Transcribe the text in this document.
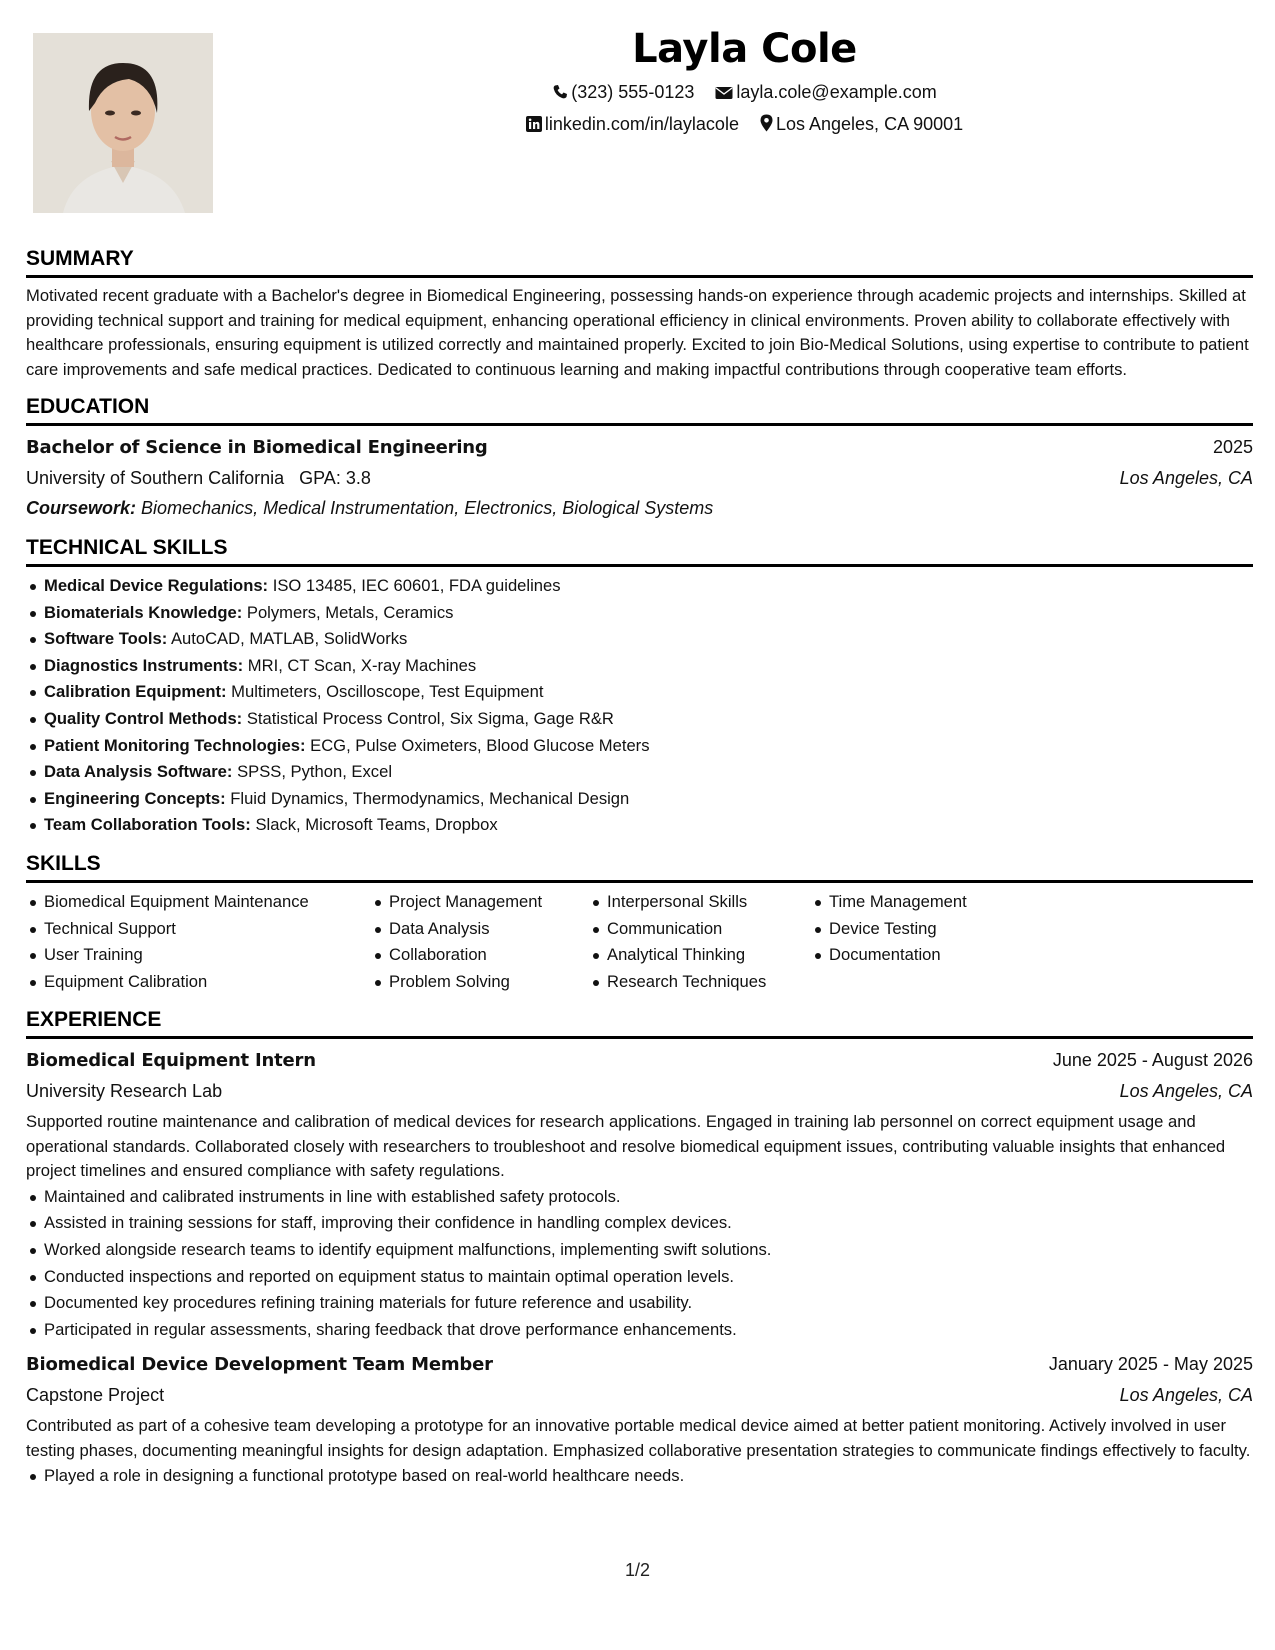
Layla Cole
(323) 555-0123 layla.cole@example.com
linkedin.com/in/laylacole Los Angeles, CA 90001
SUMMARY
Motivated recent graduate with a Bachelor's degree in Biomedical Engineering, possessing hands-on experience through academic projects and internships. Skilled at providing technical support and training for medical equipment, enhancing operational efficiency in clinical environments. Proven ability to collaborate effectively with healthcare professionals, ensuring equipment is utilized correctly and maintained properly. Excited to join Bio-Medical Solutions, using expertise to contribute to patient care improvements and safe medical practices. Dedicated to continuous learning and making impactful contributions through cooperative team efforts.
EDUCATION
Bachelor of Science in Biomedical Engineering	2025
University of Southern California GPA: 3.8	Los Angeles, CA
Coursework: Biomechanics, Medical Instrumentation, Electronics, Biological Systems
TECHNICAL SKILLS
Medical Device Regulations: ISO 13485, IEC 60601, FDA guidelines
Biomaterials Knowledge: Polymers, Metals, Ceramics
Software Tools: AutoCAD, MATLAB, SolidWorks
Diagnostics Instruments: MRI, CT Scan, X-ray Machines
Calibration Equipment: Multimeters, Oscilloscope, Test Equipment
Quality Control Methods: Statistical Process Control, Six Sigma, Gage R&R
Patient Monitoring Technologies: ECG, Pulse Oximeters, Blood Glucose Meters
Data Analysis Software: SPSS, Python, Excel
Engineering Concepts: Fluid Dynamics, Thermodynamics, Mechanical Design
Team Collaboration Tools: Slack, Microsoft Teams, Dropbox
SKILLS
Biomedical Equipment Maintenance
Technical Support
User Training
Equipment Calibration
Project Management
Data Analysis
Collaboration
Problem Solving
Interpersonal Skills
Communication
Analytical Thinking
Research Techniques
Time Management
Device Testing
Documentation
EXPERIENCE
Biomedical Equipment Intern	June 2025 - August 2026
University Research Lab	Los Angeles, CA
Supported routine maintenance and calibration of medical devices for research applications. Engaged in training lab personnel on correct equipment usage and operational standards. Collaborated closely with researchers to troubleshoot and resolve biomedical equipment issues, contributing valuable insights that enhanced project timelines and ensured compliance with safety regulations.
Maintained and calibrated instruments in line with established safety protocols.
Assisted in training sessions for staff, improving their confidence in handling complex devices.
Worked alongside research teams to identify equipment malfunctions, implementing swift solutions.
Conducted inspections and reported on equipment status to maintain optimal operation levels.
Documented key procedures refining training materials for future reference and usability.
Participated in regular assessments, sharing feedback that drove performance enhancements.
Biomedical Device Development Team Member	January 2025 - May 2025
Capstone Project	Los Angeles, CA
Contributed as part of a cohesive team developing a prototype for an innovative portable medical device aimed at better patient monitoring. Actively involved in user testing phases, documenting meaningful insights for design adaptation. Emphasized collaborative presentation strategies to communicate findings effectively to faculty.
Played a role in designing a functional prototype based on real-world healthcare needs.
1/2
